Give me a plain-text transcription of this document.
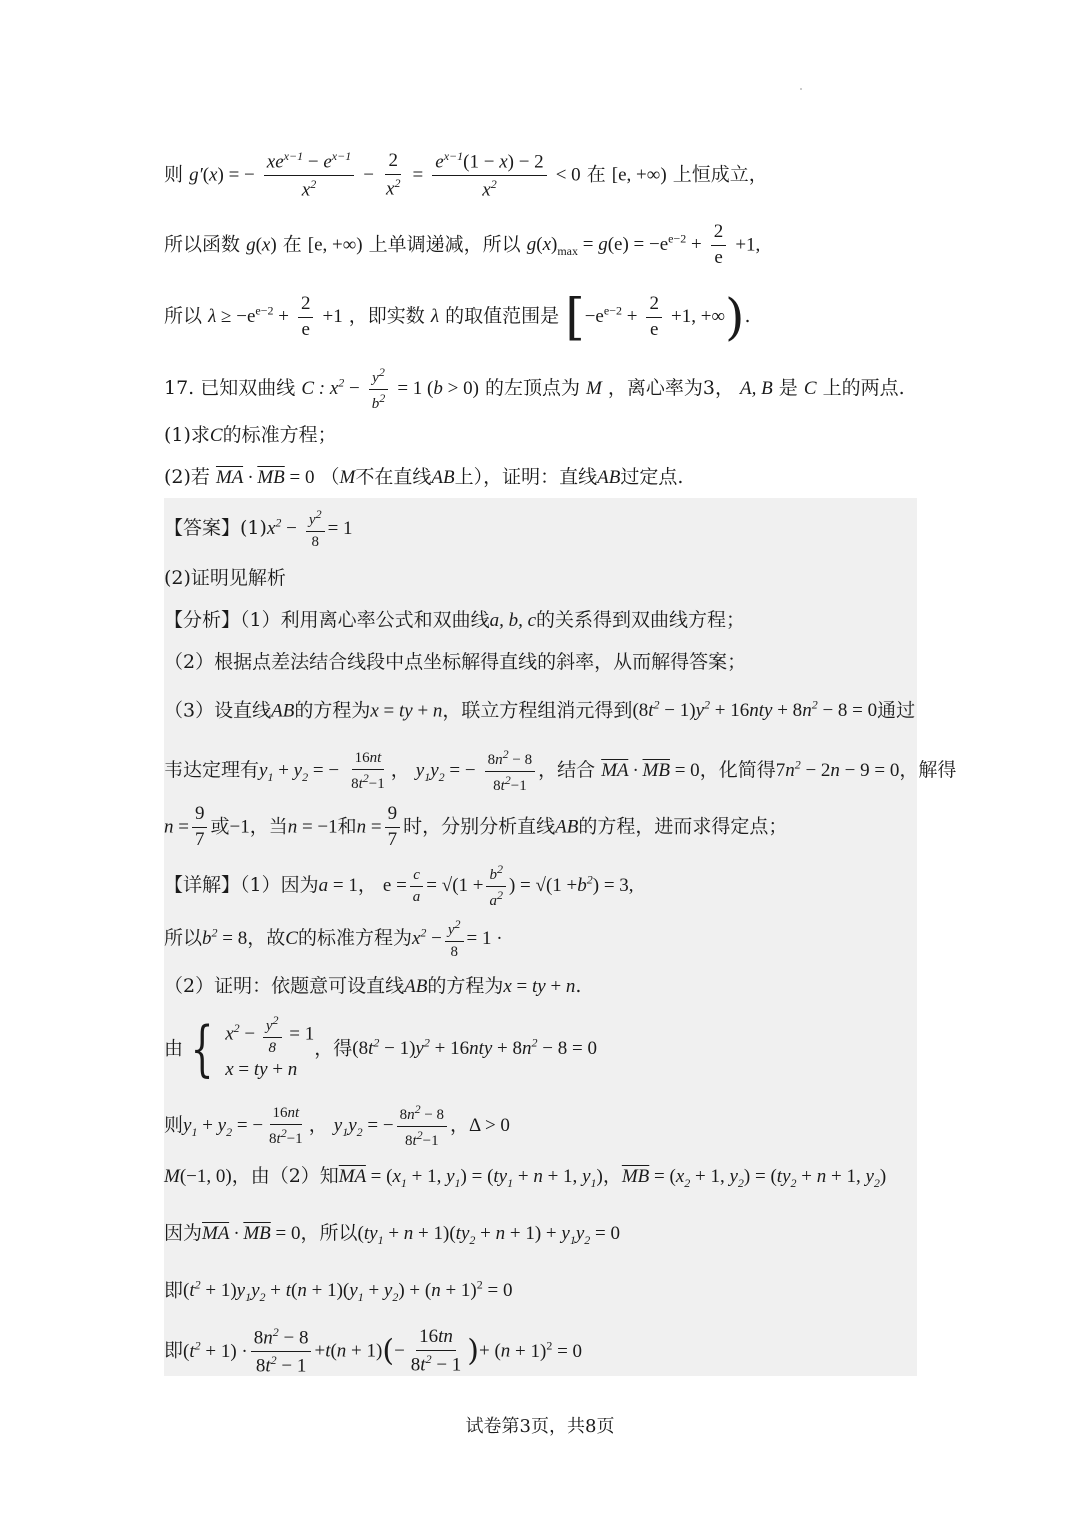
则 g′(x) = − $\frac{xe^{x-1} - e^{x-1}}{x^2} - \frac{2}{x^2} = \frac{e^{x-1}(1 - x) - 2}{x^2} < 0$ 在 [e, +∞) 上恒成立，
所以函数 g(x) 在 [e, +∞) 上单调递减，所以 $g(x)_{max} = g(e) = -e^{e-2} + \frac{2}{e} +1$,
所以 $\lambda \ge -e^{e-2} + \frac{2}{e} +1$ ，即实数 λ 的取值范围是 [$-e^{e-2} + \frac{2}{e} +1$, +∞).
17. 已知双曲线 C : $x^2 - \frac{y^2}{b^2} = 1$ (b > 0) 的左顶点为 M ，离心率为3， A, B 是 C 上的两点.
(1)求C的标准方程；
(2)若 $\overline{MA} \cdot \overline{MB} = 0$ （M不在直线AB上），证明：直线AB过定点.
【答案】$(1)x^2 - \frac{y^2}{8} = 1$
(2)证明见解析
【分析】（1）利用离心率公式和双曲线a, b, c的关系得到双曲线方程；
（2）根据点差法结合线段中点坐标解得直线的斜率，从而解得答案；
（3）设直线AB的方程为x = ty + n，联立方程组消元得到$(8t^2 - 1)y^2 + 16nty + 8n^2 - 8 = 0$通过
韦达定理有$y_1 + y_2$ = − $\frac{16nt}{8t^2-1}$ ， $y_1y_2$ = − $\frac{8n^2 - 8}{8t^2-1}$ ，结合 $\overline{MA} \cdot \overline{MB} = 0$，化简得$7n^2 - 2n - 9 = 0$，解得
$n = \frac{9}{7}$ 或−1，当n = −1和$n = \frac{9}{7}$ 时，分别分析直线AB的方程，进而求得定点；
【详解】（1）因为a = 1， $e = \frac{c}{a} = √(1 + \frac{b^2}{a^2}$ ) = $√(1 +b^2) = 3$,
所以$b^2 = 8$，故C的标准方程为$x^2 - \frac{y^2}{8} = 1$ ·
（2）证明：依题意可设直线AB的方程为x = ty + n.
由 { $x^2 - \frac{y^2}{8} = 1$
x = ty + n
，得$(8t^2 - 1)y^2 + 16nty + 8n^2 - 8 = 0$
则$y_1 + y_2$ = − $\frac{16nt}{8t^2-1}$ ， $y_1y_2$ = − $\frac{8n^2 - 8}{8t^2-1}$ ，Δ > 0
M(−1, 0)，由（2）知$\overline{MA} = (x_1 + 1$, $y_1) = (ty_1 + n + 1$, $y_1$)，$\overline{MB} = (x_2 + 1$, $y_2) = (ty_2 + n + 1$, $y_2$)
因为$\overline{MA} \cdot \overline{MB} = 0$，所以$(ty_1 + n + 1)(ty_2 + n + 1) + y_1y_2 = 0$
即$(t^2 + 1)y_1y_2 + t(n + 1)(y_1 + y_2) + (n + 1)^2 = 0$
即$(t^2 + 1) \cdot \frac{8n^2 - 8}{8t^2 - 1} +t(n + 1)(- \frac{16tn}{8t^2 - 1}$ )+ $(n + 1)^2 = 0$
试卷第3页，共8页
